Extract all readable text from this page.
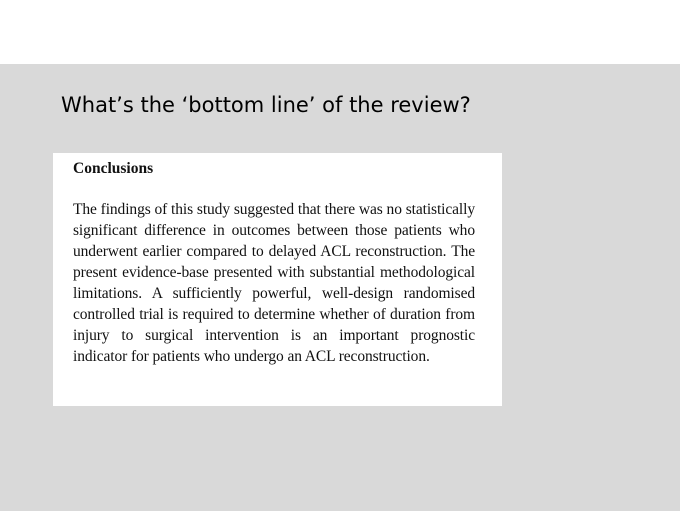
What’s the ‘bottom line’ of the review?
Conclusions

The findings of this study suggested that there was no statistically significant difference in outcomes between those patients who underwent earlier compared to delayed ACL reconstruction. The present evidence-base presented with substantial methodological limitations. A sufficiently powerful, well-design randomised controlled trial is required to determine whether of duration from injury to surgical intervention is an important prognostic indicator for patients who undergo an ACL reconstruction.
